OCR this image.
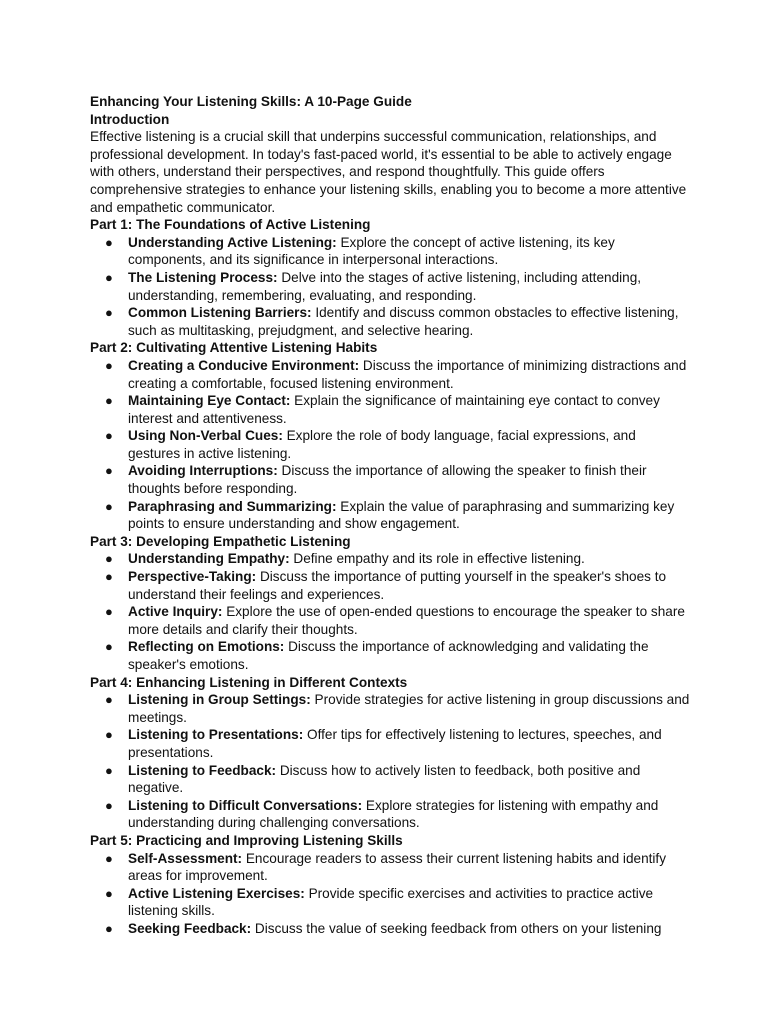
Enhancing Your Listening Skills: A 10-Page Guide

Introduction

Effective listening is a crucial skill that underpins successful communication, relationships, and professional development. In today's fast-paced world, it's essential to be able to actively engage with others, understand their perspectives, and respond thoughtfully. This guide offers comprehensive strategies to enhance your listening skills, enabling you to become a more attentive and empathetic communicator.

Part 1: The Foundations of Active Listening

● Understanding Active Listening: Explore the concept of active listening, its key components, and its significance in interpersonal interactions.
● The Listening Process: Delve into the stages of active listening, including attending, understanding, remembering, evaluating, and responding.
● Common Listening Barriers: Identify and discuss common obstacles to effective listening, such as multitasking, prejudgment, and selective hearing.

Part 2: Cultivating Attentive Listening Habits

● Creating a Conducive Environment: Discuss the importance of minimizing distractions and creating a comfortable, focused listening environment.
● Maintaining Eye Contact: Explain the significance of maintaining eye contact to convey interest and attentiveness.
● Using Non-Verbal Cues: Explore the role of body language, facial expressions, and gestures in active listening.
● Avoiding Interruptions: Discuss the importance of allowing the speaker to finish their thoughts before responding.
● Paraphrasing and Summarizing: Explain the value of paraphrasing and summarizing key points to ensure understanding and show engagement.

Part 3: Developing Empathetic Listening

● Understanding Empathy: Define empathy and its role in effective listening.
● Perspective-Taking: Discuss the importance of putting yourself in the speaker's shoes to understand their feelings and experiences.
● Active Inquiry: Explore the use of open-ended questions to encourage the speaker to share more details and clarify their thoughts.
● Reflecting on Emotions: Discuss the importance of acknowledging and validating the speaker's emotions.

Part 4: Enhancing Listening in Different Contexts

● Listening in Group Settings: Provide strategies for active listening in group discussions and meetings.
● Listening to Presentations: Offer tips for effectively listening to lectures, speeches, and presentations.
● Listening to Feedback: Discuss how to actively listen to feedback, both positive and negative.
● Listening to Difficult Conversations: Explore strategies for listening with empathy and understanding during challenging conversations.

Part 5: Practicing and Improving Listening Skills

● Self-Assessment: Encourage readers to assess their current listening habits and identify areas for improvement.
● Active Listening Exercises: Provide specific exercises and activities to practice active listening skills.
● Seeking Feedback: Discuss the value of seeking feedback from others on your listening
